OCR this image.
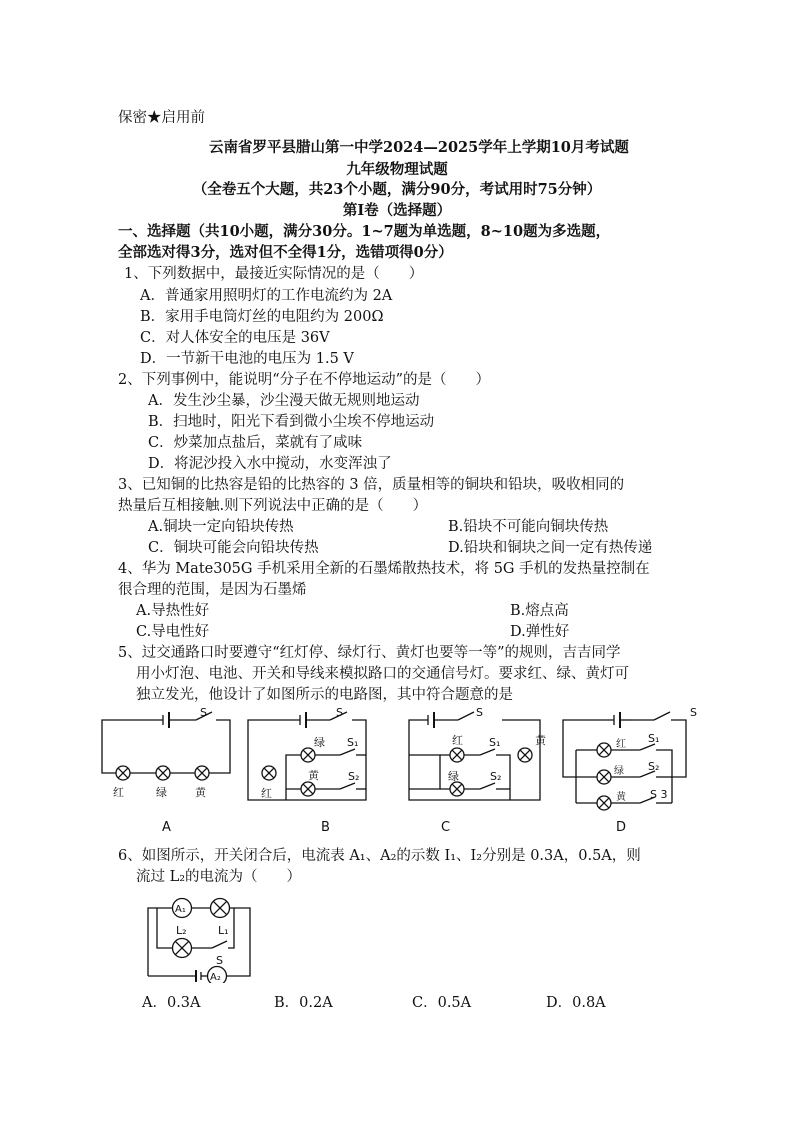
保密★启用前
云南省罗平县腊山第一中学2024—2025学年上学期10月考试题
九年级物理试题
（全卷五个大题，共23个小题，满分90分，考试用时75分钟）
第Ⅰ卷（选择题）
一、选择题（共10小题，满分30分。1~7题为单选题，8~10题为多选题，
全部选对得3分，选对但不全得1分，选错项得0分）
1、下列数据中，最接近实际情况的是（　　）
A．普通家用照明灯的工作电流约为 2A
B．家用手电筒灯丝的电阻约为 200Ω
C．对人体安全的电压是 36V
D．一节新干电池的电压为 1.5 V
2、下列事例中，能说明“分子在不停地运动”的是（　　）
A．发生沙尘暴，沙尘漫天做无规则地运动
B．扫地时，阳光下看到微小尘埃不停地运动
C．炒菜加点盐后，菜就有了咸味
D．将泥沙投入水中搅动，水变浑浊了
3、已知铜的比热容是铅的比热容的 3 倍，质量相等的铜块和铅块，吸收相同的
热量后互相接触.则下列说法中正确的是（　　）
A.铜块一定向铅块传热	B.铅块不可能向铜块传热
C．铜块可能会向铅块传热	D.铅块和铜块之间一定有热传递
4、华为 Mate305G 手机采用全新的石墨烯散热技术，将 5G 手机的发热量控制在
很合理的范围，是因为石墨烯
A.导热性好	B.熔点高
C.导电性好	D.弹性好
5、过交通路口时要遵守“红灯停、绿灯行、黄灯也要等一等”的规则，吉吉同学
用小灯泡、电池、开关和导线来模拟路口的交通信号灯。要求红、绿、黄灯可
独立发光，他设计了如图所示的电路图，其中符合题意的是
S
红	绿	黄
S
绿
黄
S₁
S₂
红
S
红
绿
S₁
S₂
黄
S
红
绿
黄
S₁
S₂
S 3
A	B	C	D
6、如图所示，开关闭合后，电流表 A₁、A₂的示数 I₁、I₂分别是 0.3A，0.5A，则
流过 L₂的电流为（　　）
A₁
A₂
L₁
L₂
S
A．0.3A	B．0.2A	C．0.5A	D．0.8A
